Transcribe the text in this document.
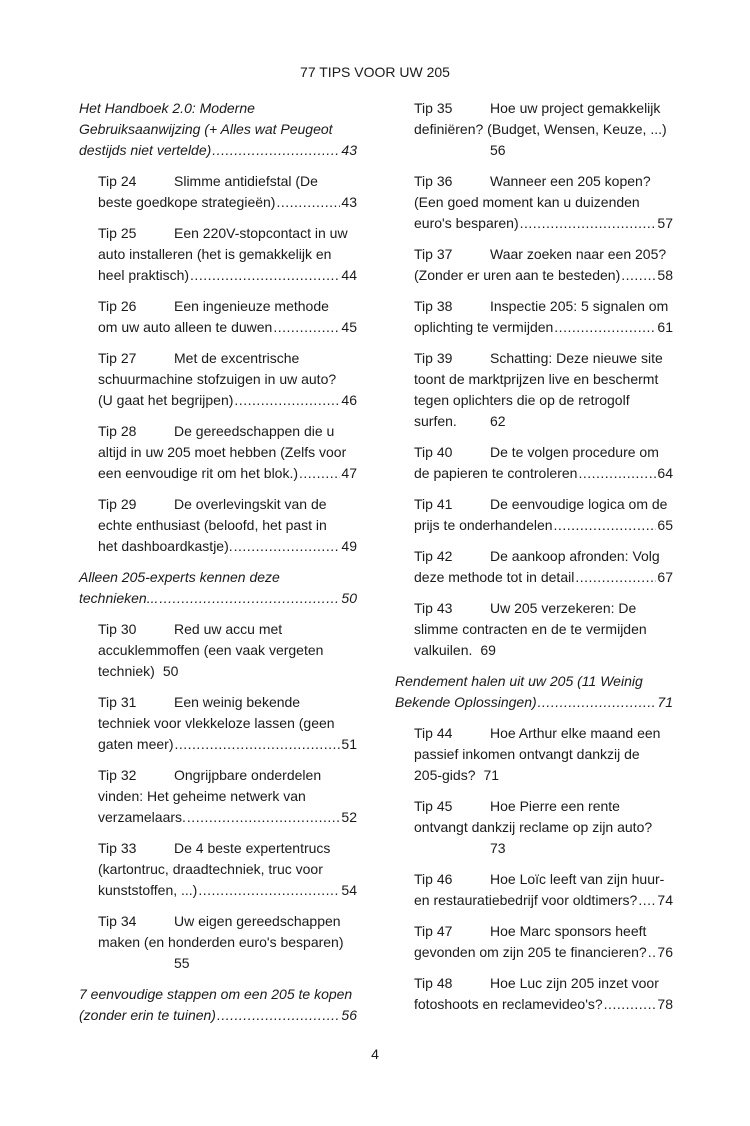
77 TIPS VOOR UW 205
Het Handboek 2.0: Moderne
Gebruiksaanwijzing (+ Alles wat Peugeot
destijds niet vertelde) .....	43
Tip 24	Slimme antidiefstal (De
beste goedkope strategieën) .....	43
Tip 25	Een 220V-stopcontact in uw
auto installeren (het is gemakkelijk en
heel praktisch) .....	44
Tip 26	Een ingenieuze methode
om uw auto alleen te duwen .....	45
Tip 27	Met de excentrische
schuurmachine stofzuigen in uw auto?
(U gaat het begrijpen) .....	46
Tip 28	De gereedschappen die u
altijd in uw 205 moet hebben (Zelfs voor
een eenvoudige rit om het blok.) .....	47
Tip 29	De overlevingskit van de
echte enthusiast (beloofd, het past in
het dashboardkastje). .....	49
Alleen 205-experts kennen deze
technieken... .....	50
Tip 30	Red uw accu met
accuklemmoffen (een vaak vergeten
techniek) 50
Tip 31	Een weinig bekende
techniek voor vlekkeloze lassen (geen
gaten meer) .....	51
Tip 32	Ongrijpbare onderdelen
vinden: Het geheime netwerk van
verzamelaars. .....	52
Tip 33	De 4 beste expertentrucs
(kartontruc, draadtechniek, truc voor
kunststoffen, ...) .....	54
Tip 34	Uw eigen gereedschappen
maken (en honderden euro's besparen)
55
7 eenvoudige stappen om een 205 te kopen
(zonder erin te tuinen) .....	56
Tip 35	Hoe uw project gemakkelijk
definiëren? (Budget, Wensen, Keuze, ...)
56
Tip 36	Wanneer een 205 kopen?
(Een goed moment kan u duizenden
euro's besparen) .....	57
Tip 37	Waar zoeken naar een 205?
(Zonder er uren aan te besteden) .....	58
Tip 38	Inspectie 205: 5 signalen om
oplichting te vermijden .....	61
Tip 39	Schatting: Deze nieuwe site
toont de marktprijzen live en beschermt
tegen oplichters die op de retrogolf
surfen.	62
Tip 40	De te volgen procedure om
de papieren te controleren .....	64
Tip 41	De eenvoudige logica om de
prijs te onderhandelen .....	65
Tip 42	De aankoop afronden: Volg
deze methode tot in detail .....	67
Tip 43	Uw 205 verzekeren: De
slimme contracten en de te vermijden
valkuilen. 69
Rendement halen uit uw 205 (11 Weinig
Bekende Oplossingen) .....	71
Tip 44	Hoe Arthur elke maand een
passief inkomen ontvangt dankzij de
205-gids? 71
Tip 45	Hoe Pierre een rente
ontvangt dankzij reclame op zijn auto?
73
Tip 46	Hoe Loïc leeft van zijn huur-
en restauratiebedrijf voor oldtimers? ..... 74
Tip 47	Hoe Marc sponsors heeft
gevonden om zijn 205 te financieren? ..... 76
Tip 48	Hoe Luc zijn 205 inzet voor
fotoshoots en reclamevideo's? .....	78
4
